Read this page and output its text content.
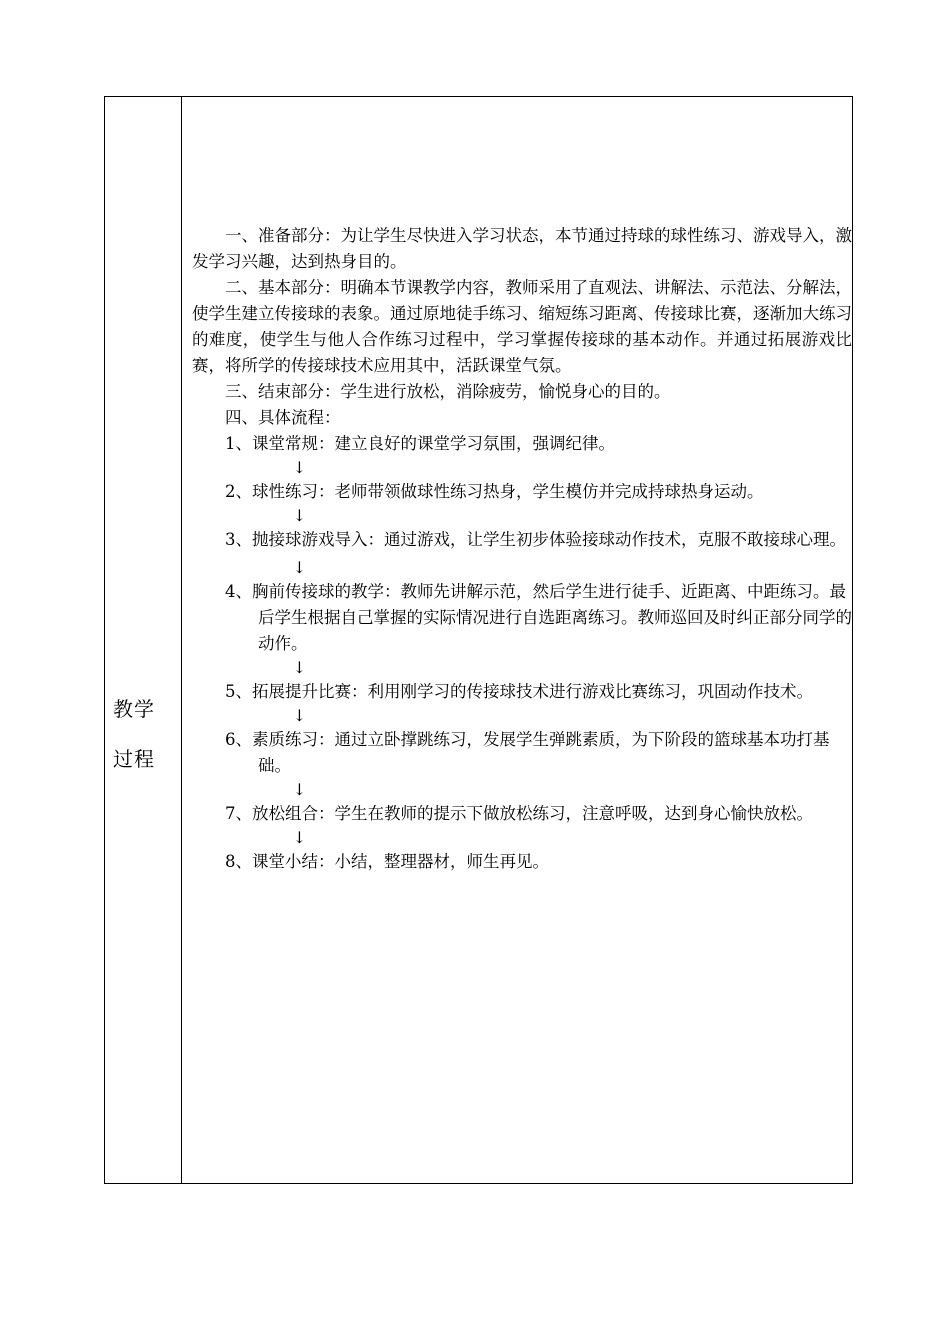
教学
过程

一、准备部分：为让学生尽快进入学习状态，本节通过持球的球性练习、游戏导入，激发学习兴趣，达到热身目的。

二、基本部分：明确本节课教学内容，教师采用了直观法、讲解法、示范法、分解法，使学生建立传接球的表象。通过原地徒手练习、缩短练习距离、传接球比赛，逐渐加大练习的难度，使学生与他人合作练习过程中，学习掌握传接球的基本动作。并通过拓展游戏比赛，将所学的传接球技术应用其中，活跃课堂气氛。

三、结束部分：学生进行放松，消除疲劳，愉悦身心的目的。

四、具体流程：

1、课堂常规：建立良好的课堂学习氛围，强调纪律。

↓

2、球性练习：老师带领做球性练习热身，学生模仿并完成持球热身运动。

↓

3、抛接球游戏导入：通过游戏，让学生初步体验接球动作技术，克服不敢接球心理。

↓

4、胸前传接球的教学：教师先讲解示范，然后学生进行徒手、近距离、中距练习。最后学生根据自己掌握的实际情况进行自选距离练习。教师巡回及时纠正部分同学的动作。

↓

5、拓展提升比赛：利用刚学习的传接球技术进行游戏比赛练习，巩固动作技术。

↓

6、素质练习：通过立卧撑跳练习，发展学生弹跳素质，为下阶段的篮球基本功打基础。

↓

7、放松组合：学生在教师的提示下做放松练习，注意呼吸，达到身心愉快放松。

↓

8、课堂小结：小结，整理器材，师生再见。
